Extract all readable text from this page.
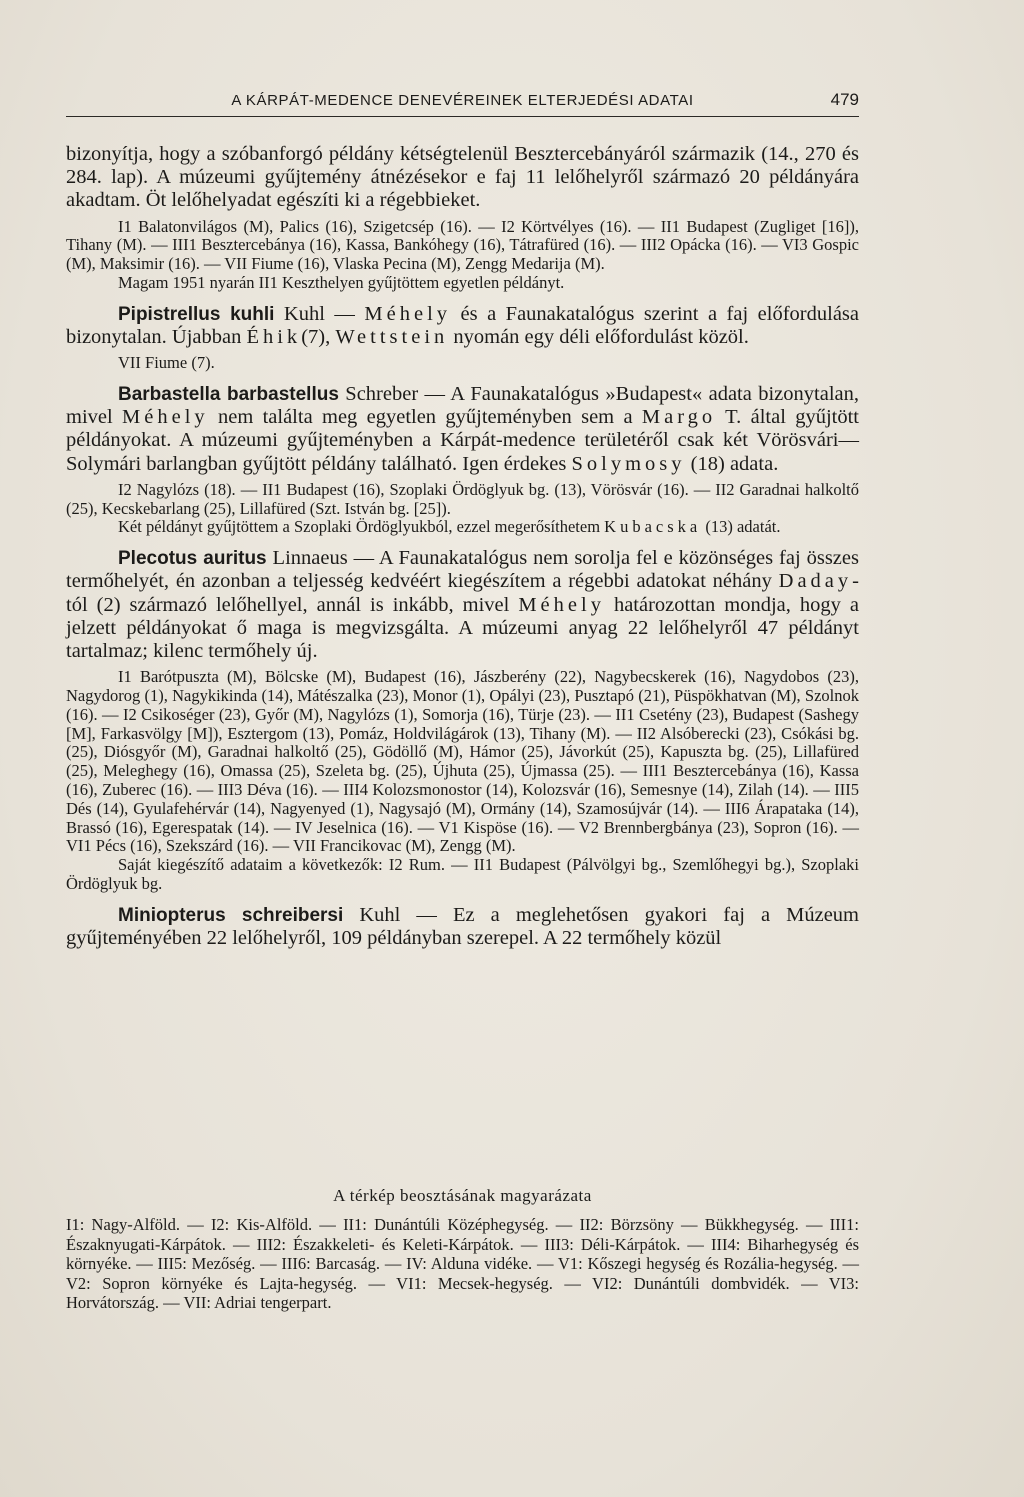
A KÁRPÁT-MEDENCE DENEVÉREINEK ELTERJEDÉSI ADATAI	479

bizonyítja, hogy a szóbanforgó példány kétségtelenül Besztercebányáról származik (14., 270 és 284. lap). A múzeumi gyűjtemény átnézésekor e faj 11 lelőhelyről származó 20 példányára akadtam. Öt lelőhelyadat egészíti ki a régebbieket.

I1 Balatonvilágos (M), Palics (16), Szigetcsép (16). — I2 Körtvélyes (16). — II1 Budapest (Zugliget [16]), Tihany (M). — III1 Besztercebánya (16), Kassa, Bankóhegy (16), Tátrafüred (16). — III2 Opácka (16). — VI3 Gospic (M), Maksimir (16). — VII Fiume (16), Vlaska Pecina (M), Zengg Medarija (M).

Magam 1951 nyarán II1 Keszthelyen gyűjtöttem egyetlen példányt.

Pipistrellus kuhli Kuhl — Méhely és a Faunakatalógus szerint a faj előfordulása bizonytalan. Újabban Éhik(7), Wettstein nyomán egy déli előfordulást közöl.

VII Fiume (7).

Barbastella barbastellus Schreber — A Faunakatalógus »Budapest« adata bizonytalan, mivel Méhely nem találta meg egyetlen gyűjteményben sem a Margo T. által gyűjtött példányokat. A múzeumi gyűjteményben a Kárpát-medence területéről csak két Vörösvári—Solymári barlangban gyűjtött példány található. Igen érdekes Solymosy (18) adata.

I2 Nagylózs (18). — II1 Budapest (16), Szoplaki Ördöglyuk bg. (13), Vörösvár (16). — II2 Garadnai halkoltő (25), Kecskebarlang (25), Lillafüred (Szt. István bg. [25]).

Két példányt gyűjtöttem a Szoplaki Ördöglyukból, ezzel megerősíthetem Kubacska (13) adatát.

Plecotus auritus Linnaeus — A Faunakatalógus nem sorolja fel e közönséges faj összes termőhelyét, én azonban a teljesség kedvéért kiegészítem a régebbi adatokat néhány Daday-tól (2) származó lelőhellyel, annál is inkább, mivel Méhely határozottan mondja, hogy a jelzett példányokat ő maga is megvizsgálta. A múzeumi anyag 22 lelőhelyről 47 példányt tartalmaz; kilenc termőhely új.

I1 Barótpuszta (M), Bölcske (M), Budapest (16), Jászberény (22), Nagybecskerek (16), Nagydobos (23), Nagydorog (1), Nagykikinda (14), Mátészalka (23), Monor (1), Opályi (23), Pusztapó (21), Püspökhatvan (M), Szolnok (16). — I2 Csikoséger (23), Győr (M), Nagylózs (1), Somorja (16), Türje (23). — II1 Csetény (23), Budapest (Sashegy [M], Farkasvölgy [M]), Esztergom (13), Pomáz, Holdvilágárok (13), Tihany (M). — II2 Alsóberecki (23), Csókási bg. (25), Diósgyőr (M), Garadnai halkoltő (25), Gödöllő (M), Hámor (25), Jávorkút (25), Kapuszta bg. (25), Lillafüred (25), Meleghegy (16), Omassa (25), Szeleta bg. (25), Újhuta (25), Újmassa (25). — III1 Besztercebánya (16), Kassa (16), Zuberec (16). — III3 Déva (16). — III4 Kolozsmonostor (14), Kolozsvár (16), Semesnye (14), Zilah (14). — III5 Dés (14), Gyulafehérvár (14), Nagyenyed (1), Nagysajó (M), Ormány (14), Szamosújvár (14). — III6 Árapataka (14), Brassó (16), Egerespatak (14). — IV Jeselnica (16). — V1 Kispöse (16). — V2 Brennbergbánya (23), Sopron (16). — VI1 Pécs (16), Szekszárd (16). — VII Francikovac (M), Zengg (M).

Saját kiegészítő adataim a következők: I2 Rum. — II1 Budapest (Pálvölgyi bg., Szemlőhegyi bg.), Szoplaki Ördöglyuk bg.

Miniopterus schreibersi Kuhl — Ez a meglehetősen gyakori faj a Múzeum gyűjteményében 22 lelőhelyről, 109 példányban szerepel. A 22 termőhely közül

A térkép beosztásának magyarázata

I1: Nagy-Alföld. — I2: Kis-Alföld. — II1: Dunántúli Középhegység. — II2: Börzsöny — Bükkhegység. — III1: Északnyugati-Kárpátok. — III2: Északkeleti- és Keleti-Kárpátok. — III3: Déli-Kárpátok. — III4: Biharhegység és környéke. — III5: Mezőség. — III6: Barcaság. — IV: Alduna vidéke. — V1: Kőszegi hegység és Rozália-hegység. — V2: Sopron környéke és Lajta-hegység. — VI1: Mecsek-hegység. — VI2: Dunántúli dombvidék. — VI3: Horvátország. — VII: Adriai tengerpart.
